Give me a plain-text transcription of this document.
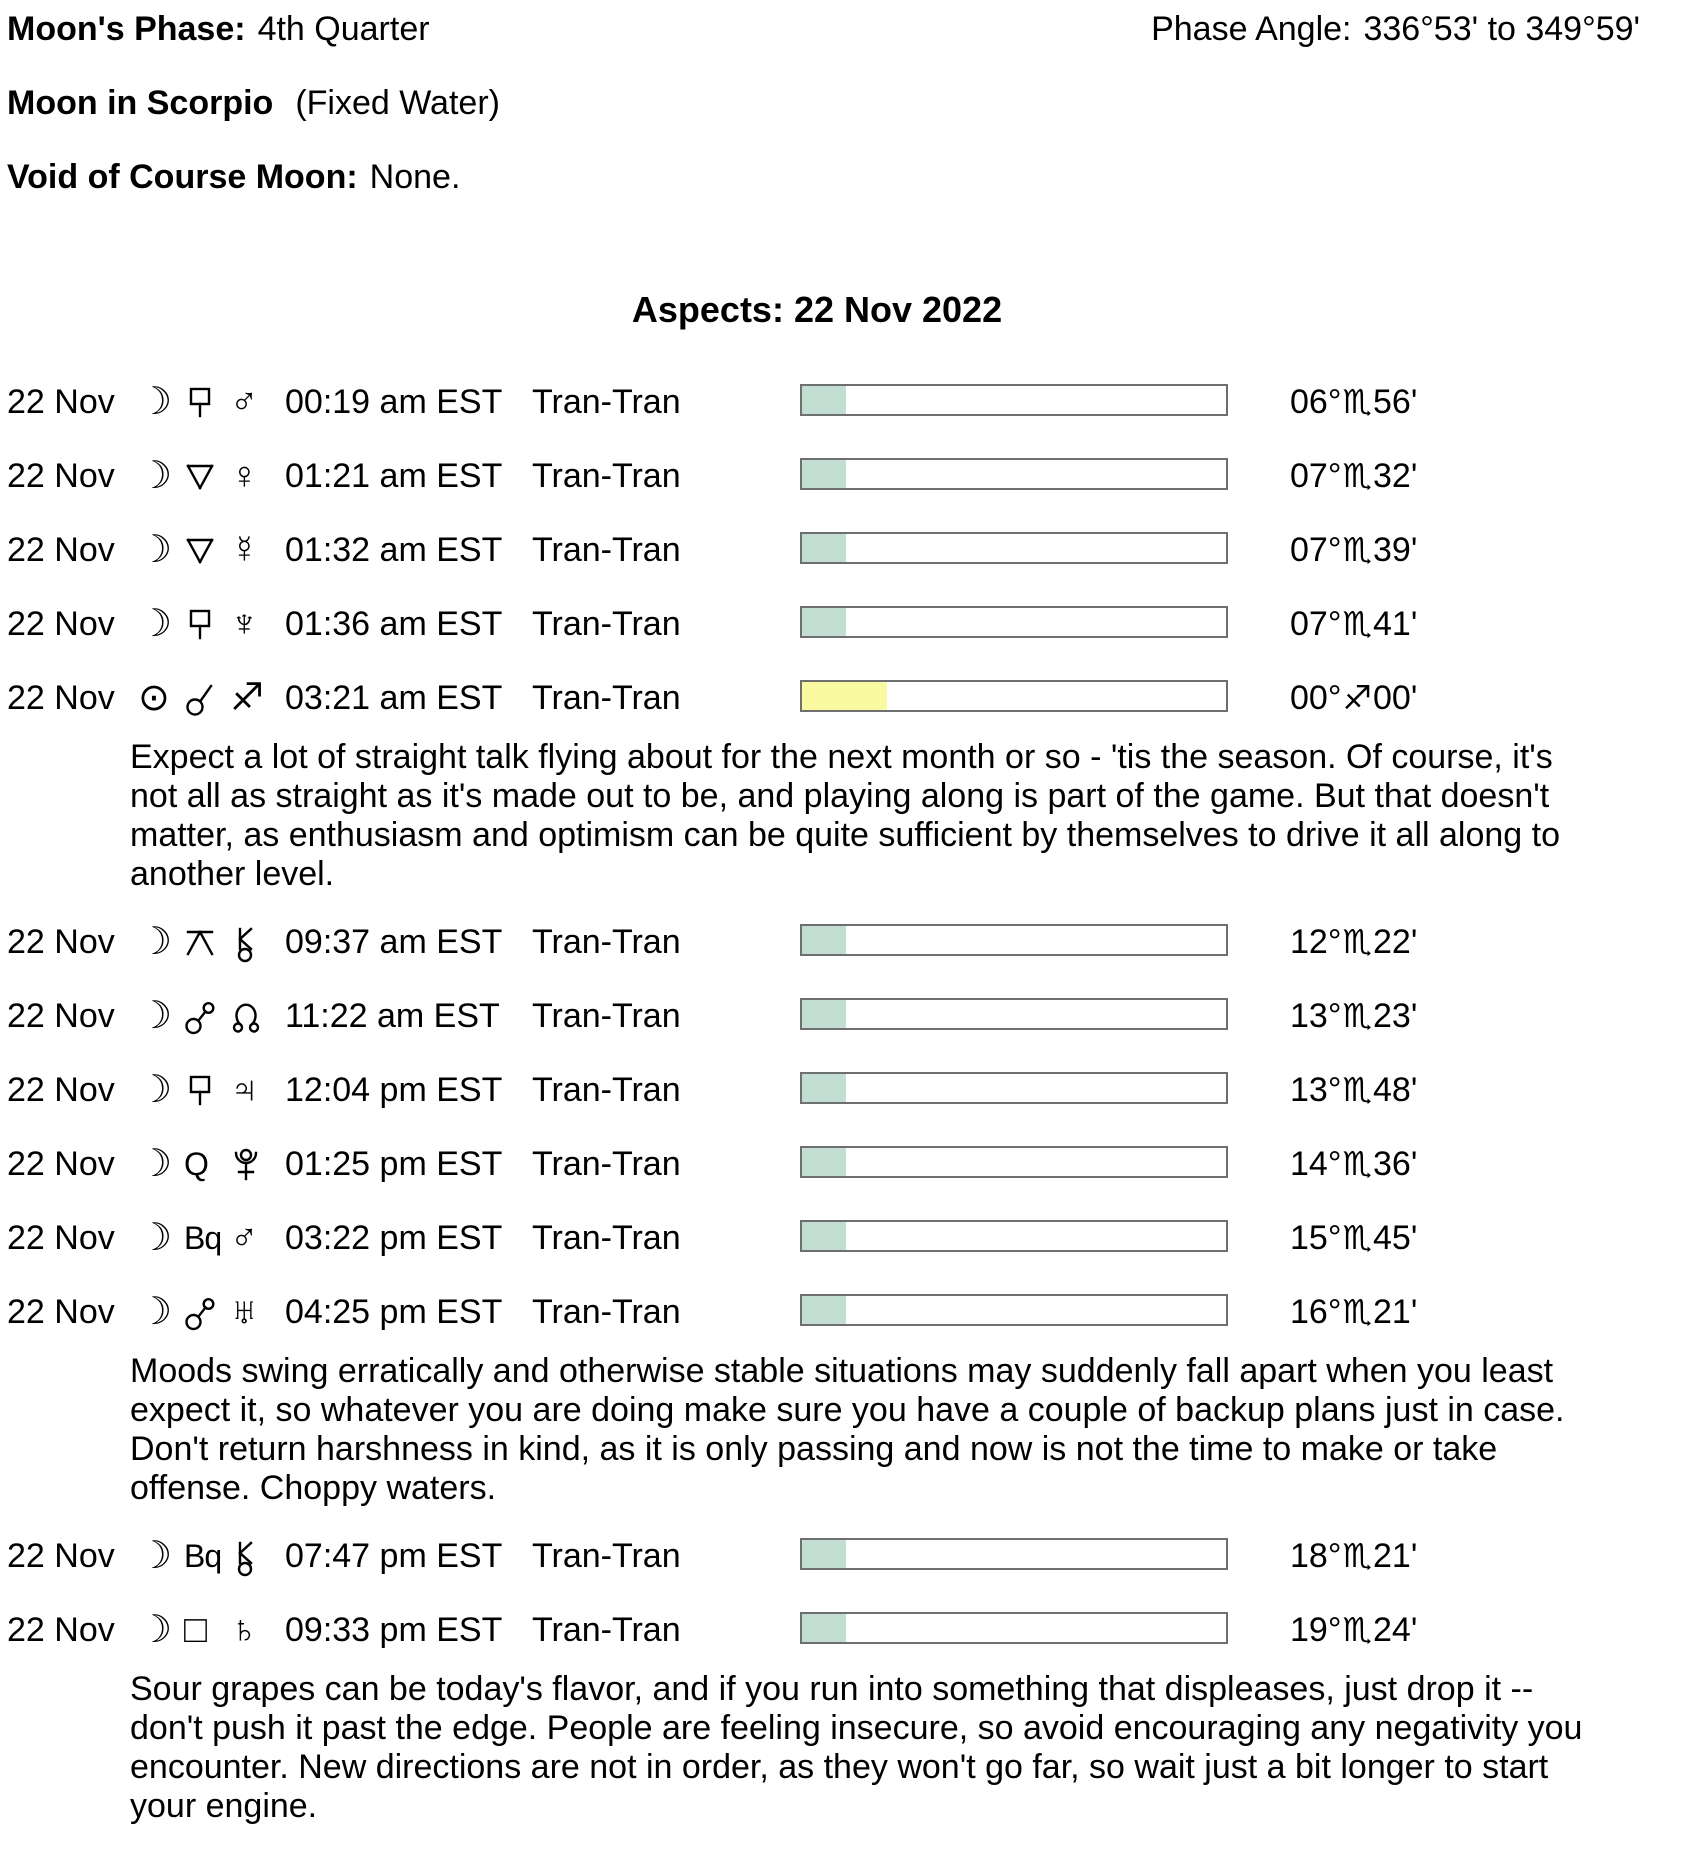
Moon's Phase: 4th Quarter	Phase Angle: 336°53' to 349°59'
Moon in Scorpio (Fixed Water)
Void of Course Moon: None.
Aspects: 22 Nov 2022
22 Nov ☽ ♂ 00:19 am EST Tran-Tran	06°♏56'
22 Nov ☽ ♀ 01:21 am EST Tran-Tran	07°♏32'
22 Nov ☽ ☿ 01:32 am EST Tran-Tran	07°♏39'
22 Nov ☽ ♆ 01:36 am EST Tran-Tran	07°♏41'
22 Nov ⊙ ♐ 03:21 am EST Tran-Tran	00°♐00'
Expect a lot of straight talk flying about for the next month or so - 'tis the season. Of course, it's not all as straight as it's made out to be, and playing along is part of the game. But that doesn't matter, as enthusiasm and optimism can be quite sufficient by themselves to drive it all along to another level.
22 Nov ☽	09:37 am EST Tran-Tran	12°♏22'
22 Nov ☽	11:22 am EST Tran-Tran	13°♏23'
22 Nov ☽ ♃ 12:04 pm EST Tran-Tran	13°♏48'
22 Nov ☽ Q 01:25 pm EST Tran-Tran	14°♏36'
22 Nov ☽ Bq ♂ 03:22 pm EST Tran-Tran	15°♏45'
22 Nov ☽ ♅ 04:25 pm EST Tran-Tran	16°♏21'
Moods swing erratically and otherwise stable situations may suddenly fall apart when you least expect it, so whatever you are doing make sure you have a couple of backup plans just in case. Don't return harshness in kind, as it is only passing and now is not the time to make or take offense. Choppy waters.
22 Nov ☽ Bq 07:47 pm EST Tran-Tran	18°♏21'
22 Nov ☽ □ ♄ 09:33 pm EST Tran-Tran	19°♏24'
Sour grapes can be today's flavor, and if you run into something that displeases, just drop it -- don't push it past the edge. People are feeling insecure, so avoid encouraging any negativity you encounter. New directions are not in order, as they won't go far, so wait just a bit longer to start your engine.
